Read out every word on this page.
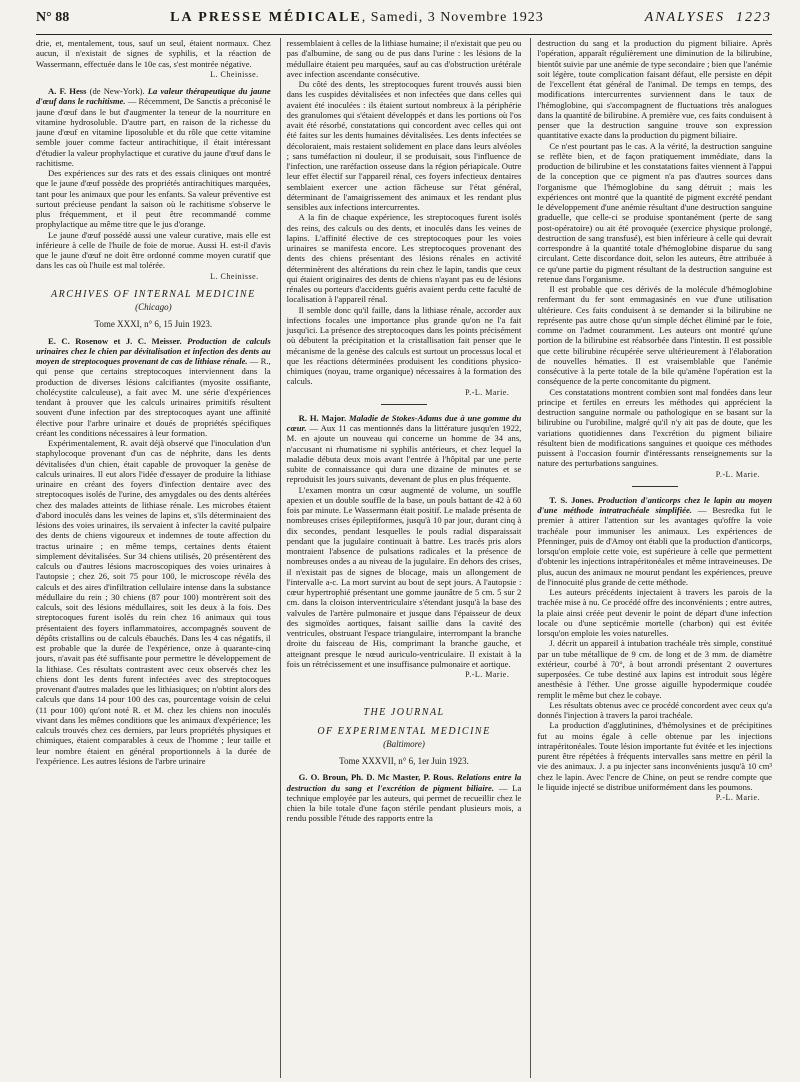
N° 88	LA PRESSE MÉDICALE, Samedi, 3 Novembre 1923	ANALYSES 1223

drie, et, mentalement, tous, sauf un seul, étaient normaux. Chez aucun, il n'existait de signes de syphilis, et la réaction de Wassermann, effectuée dans le 10e cas, s'est montrée négative.

L. Cheinisse.

A. F. Hess (de New-York). La valeur thérapeutique du jaune d'œuf dans le rachitisme. — Récemment, De Sanctis a préconisé le jaune d'œuf dans le but d'augmenter la teneur de la nourriture en vitamine hydrosoluble. D'autre part, en raison de la richesse du jaune d'œuf en vitamine liposoluble et du rôle que cette vitamine semble jouer comme facteur antirachitique, il était intéressant d'étudier la valeur prophylactique et curative du jaune d'œuf dans le rachitisme.

Des expériences sur des rats et des essais cliniques ont montré que le jaune d'œuf possède des propriétés antirachitiques marquées, tant pour les animaux que pour les enfants. Sa valeur préventive est surtout précieuse pendant la saison où le rachitisme s'observe le plus fréquemment, et il peut être recommandé comme prophylactique au même titre que le jus d'orange.

Le jaune d'œuf possédé aussi une valeur curative, mais elle est inférieure à celle de l'huile de foie de morue. Aussi H. est-il d'avis que le jaune d'œuf ne doit être ordonné comme moyen curatif que dans les cas où l'huile est mal tolérée.

L. Cheinisse.
ARCHIVES OF INTERNAL MEDICINE
(Chicago)
Tome XXXI, n° 6, 15 Juin 1923.

E. C. Rosenow et J. C. Meisser. Production de calculs urinaires chez le chien par dévitalisation et infection des dents au moyen de streptocoques provenant de cas de lithiase rénale. — R., qui pense que certains streptocoques interviennent dans la production de diverses lésions calcifiantes (myosite ossifiante, cholécystite calculeuse), a fait avec M. une série d'expériences tendant à prouver que les calculs urinaires primitifs résultent souvent d'une infection par des streptocoques ayant une affinité élective pour l'arbre urinaire et doués de propriétés spécifiques créant les conditions nécessaires à leur formation.

Expérimentalement, R. avait déjà observé que l'inoculation d'un staphylocoque provenant d'un cas de néphrite, dans les dents dévitalisées d'un chien, était capable de provoquer la genèse de calculs urinaires. Il eut alors l'idée d'essayer de produire la lithiase urinaire en créant des foyers d'infection dentaire avec des streptocoques isolés de l'urine, des amygdales ou des dents altérées chez des malades atteints de lithiase rénale. Les microbes étaient d'abord inoculés dans les veines de lapins et, s'ils déterminaient des lésions des voies urinaires, ils servaient à infecter la cavité pulpaire des dents de chiens vigoureux et indemnes de toute affection du tractus urinaire ; en même temps, certaines dents étaient simplement dévitalisées. Sur 34 chiens utilisés, 20 présentèrent des calculs ou d'autres lésions macroscopiques des voies urinaires à l'autopsie ; chez 26, soit 75 pour 100, le microscope révéla des calculs et des aires d'infiltration cellulaire intense dans la substance médullaire du rein ; 30 chiens (87 pour 100) montrèrent soit des calculs, soit des lésions médullaires, soit les deux à la fois. Des streptocoques furent isolés du rein chez 16 animaux qui tous présentaient des foyers inflammatoires, accompagnés souvent de dépôts cristallins ou de calculs ébauchés. Dans les 4 cas négatifs, il est probable que la durée de l'expérience, onze à quarante-cinq jours, n'avait pas été suffisante pour permettre le développement de la lithiase. Ces résultats contrastent avec ceux observés chez les chiens dont les dents furent infectées avec des streptocoques provenant d'autres malades que les lithiasiques; on n'obtint alors des calculs que dans 14 pour 100 des cas, pourcentage voisin de celui (11 pour 100) qu'ont noté R. et M. chez les chiens non inoculés vivant dans les mêmes conditions que les animaux d'expérience; les calculs trouvés chez ces derniers, par leurs propriétés physiques et chimiques, étaient comparables à ceux de l'homme ; leur taille et leur nombre étaient en général proportionnels à la durée de l'expérience. Les autres lésions de l'arbre urinaire

ressemblaient à celles de la lithiase humaine; il n'existait que peu ou pas d'albumine, de sang ou de pus dans l'urine : les lésions de la médullaire étaient peu marquées, sauf au cas d'obstruction urétérale avec infection ascendante consécutive.

Du côté des dents, les streptocoques furent trouvés aussi bien dans les cuspides dévitalisées et non infectées que dans celles qui avaient été inoculées : ils étaient surtout nombreux à la périphérie des granulomes qui s'étaient développés et dans les portions où l'os avait été résorbé, constatations qui concordent avec celles qui ont été faites sur les dents humaines dévitalisées. Les dents infectées se décoloraient, mais restaient solidement en place dans leurs alvéoles ; sans tuméfaction ni douleur, il se produisait, sous l'influence de l'infection, une raréfaction osseuse dans la région périapicale. Outre leur effet électif sur l'appareil rénal, ces foyers infectieux dentaires semblaient exercer une action fâcheuse sur l'état général, déterminant de l'amaigrissement des animaux et les rendant plus sensibles aux infections intercurrentes.

A la fin de chaque expérience, les streptocoques furent isolés des reins, des calculs ou des dents, et inoculés dans les veines de lapins. L'affinité élective de ces streptocoques pour les voies urinaires se manifesta encore. Les streptocoques provenant des dents des chiens présentant des lésions rénales en activité déterminèrent des altérations du rein chez le lapin, tandis que ceux qui étaient originaires des dents de chiens n'ayant pas eu de lésions rénales ou porteurs d'accidents guéris avaient perdu cette faculté de localisation à l'appareil rénal.

Il semble donc qu'il faille, dans la lithiase rénale, accorder aux infections focales une importance plus grande qu'on ne l'a fait jusqu'ici. La présence des streptocoques dans les points précisément où débutent la précipitation et la cristallisation fait penser que le mécanisme de la genèse des calculs est surtout un processus local et que les réactions déterminées produisent les conditions physico-chimiques (noyau, trame organique) nécessaires à la formation des calculs.

P.-L. Marie.

R. H. Major. Maladie de Stokes-Adams due à une gomme du cœur. — Aux 11 cas mentionnés dans la littérature jusqu'en 1922, M. en ajoute un nouveau qui concerne un homme de 34 ans, n'accusant ni rhumatisme ni syphilis antérieurs, et chez lequel la maladie débuta deux mois avant l'entrée à l'hôpital par une perte subite de connaissance qui dura une dizaine de minutes et se reproduisit les jours suivants, devenant de plus en plus fréquente.

L'examen montra un cœur augmenté de volume, un souffle apexien et un double souffle de la base, un pouls battant de 42 à 60 fois par minute. Le Wassermann était positif. Le malade présenta de nombreuses crises épileptiformes, jusqu'à 10 par jour, durant cinq à dix secondes, pendant lesquelles le pouls radial disparaissait pendant que la jugulaire continuait à battre. Les tracés pris alors montraient l'absence de pulsations radicales et la présence de nombreuses ondes a au niveau de la jugulaire. En dehors des crises, il n'existait pas de signes de blocage, mais un allongement de l'intervalle a-c. La mort survint au bout de sept jours. A l'autopsie : cœur hypertrophié présentant une gomme jaunâtre de 5 cm. 5 sur 2 cm. dans la cloison interventriculaire s'étendant jusqu'à la base des valvules de l'artère pulmonaire et jusque dans l'épaisseur de deux des sigmoïdes aortiques, faisant saillie dans la cavité des ventricules, obstruant l'espace triangulaire, interrompant la branche droite du faisceau de His, comprimant la branche gauche, et atteignant presque le nœud auriculo-ventriculaire. Il existait à la fois un rétrécissement et une insuffisance pulmonaire et aortique.

P.-L. Marie.
THE JOURNAL
OF EXPERIMENTAL MEDICINE
(Baltimore)
Tome XXXVII, n° 6, 1er Juin 1923.

G. O. Broun, Ph. D. Mc Master, P. Rous. Relations entre la destruction du sang et l'excrétion de pigment biliaire. — La technique employée par les auteurs, qui permet de recueillir chez le chien la bile totale d'une façon stérile pendant plusieurs mois, a rendu possible l'étude des rapports entre la

destruction du sang et la production du pigment biliaire. Après l'opération, apparaît régulièrement une diminution de la bilirubine, bientôt suivie par une anémie de type secondaire ; bien que l'anémie soit légère, toute complication faisant défaut, elle persiste en dépit de l'excellent état général de l'animal. De temps en temps, des modifications intercurrentes surviennent dans le taux de l'hémoglobine, qui s'accompagnent de fluctuations très analogues dans la quantité de bilirubine. A première vue, ces faits conduisent à penser que la destruction sanguine trouve son expression quantitative exacte dans la production du pigment biliaire.

Ce n'est pourtant pas le cas. A la vérité, la destruction sanguine se reflète bien, et de façon pratiquement immédiate, dans la production de bilirubine et les constatations faites viennent à l'appui de la conception que ce pigment n'a pas d'autres sources dans l'organisme que l'hémoglobine du sang détruit ; mais les expériences ont montré que la quantité de pigment excrété pendant le développement d'une anémie résultant d'une destruction sanguine graduelle, que celle-ci se produise spontanément (perte de sang post-opératoire) ou ait été provoquée (exercice physique prolongé, destruction de sang transfusé), est bien inférieure à celle qui devrait correspondre à la quantité totale d'hémoglobine disparue du sang circulant. Cette discordance doit, selon les auteurs, être attribuée à ce qu'une partie du pigment résultant de la destruction sanguine est retenue dans l'organisme.

Il est probable que ces dérivés de la molécule d'hémoglobine renfermant du fer sont emmagasinés en vue d'une utilisation ultérieure. Ces faits conduisent à se demander si la bilirubine ne représente pas autre chose qu'un simple déchet éliminé par le foie, comme on l'admet couramment. Les auteurs ont montré qu'une portion de la bilirubine est réabsorbée dans l'intestin. Il est possible que cette bilirubine récupérée serve ultérieurement à l'élaboration de nouvelles hématies. Il est vraisemblable que l'anémie consécutive à la perte totale de la bile qu'amène l'opération est la conséquence de la perte concomitante du pigment.

Ces constatations montrent combien sont mal fondées dans leur principe et fertiles en erreurs les méthodes qui apprécient la destruction sanguine normale ou pathologique en se basant sur la bilirubine ou l'urobiline, malgré qu'il n'y ait pas de doute, que les variations quotidiennes dans l'excrétion du pigment biliaire résultent bien de modifications sanguines et quoique ces méthodes puissent à l'occasion fournir d'intéressants renseignements sur la nature des perturbations sanguines.

P.-L. Marie.

T. S. Jones. Production d'anticorps chez le lapin au moyen d'une méthode intratrachéale simplifiée. — Besredka fut le premier à attirer l'attention sur les avantages qu'offre la voie trachéale pour immuniser les animaux. Les expériences de Pfenninger, puis de d'Amoy ont établi que la production d'anticorps, lorsqu'on emploie cette voie, est supérieure à celle que permettent d'obtenir les injections intrapéritonéales et même intraveineuses. De plus, aucun des animaux ne mourut pendant les expériences, preuve de l'innocuité plus grande de cette méthode.

Les auteurs précédents injectaient à travers les parois de la trachée mise à nu. Ce procédé offre des inconvénients ; entre autres, la plaie ainsi créée peut devenir le point de départ d'une infection locale ou d'une septicémie mortelle (charbon) qui est évitée lorsqu'on emploie les voies naturelles.

J. décrit un appareil à intubation trachéale très simple, constitué par un tube métallique de 9 cm. de long et de 3 mm. de diamètre extérieur, courbé à 70°, à bout arrondi présentant 2 ouvertures superposées. Ce tube destiné aux lapins est introduit sous légère anesthésie à l'éther. Une grosse aiguille hypodermique coudée remplit le même but chez le cobaye.

Les résultats obtenus avec ce procédé concordent avec ceux qu'a donnés l'injection à travers la paroi trachéale.

La production d'agglutinines, d'hémolysines et de précipitines fut au moins égale à celle obtenue par les injections intrapéritonéales. Toute lésion importante fut évitée et les injections purent être répétées à fréquents intervalles sans mettre en péril la vie des animaux. J. a pu injecter sans inconvénients jusqu'à 10 cm³ chez le lapin. Avec l'encre de Chine, on peut se rendre compte que le liquide injecté se distribue uniformément dans les poumons.

P.-L. Marie.
